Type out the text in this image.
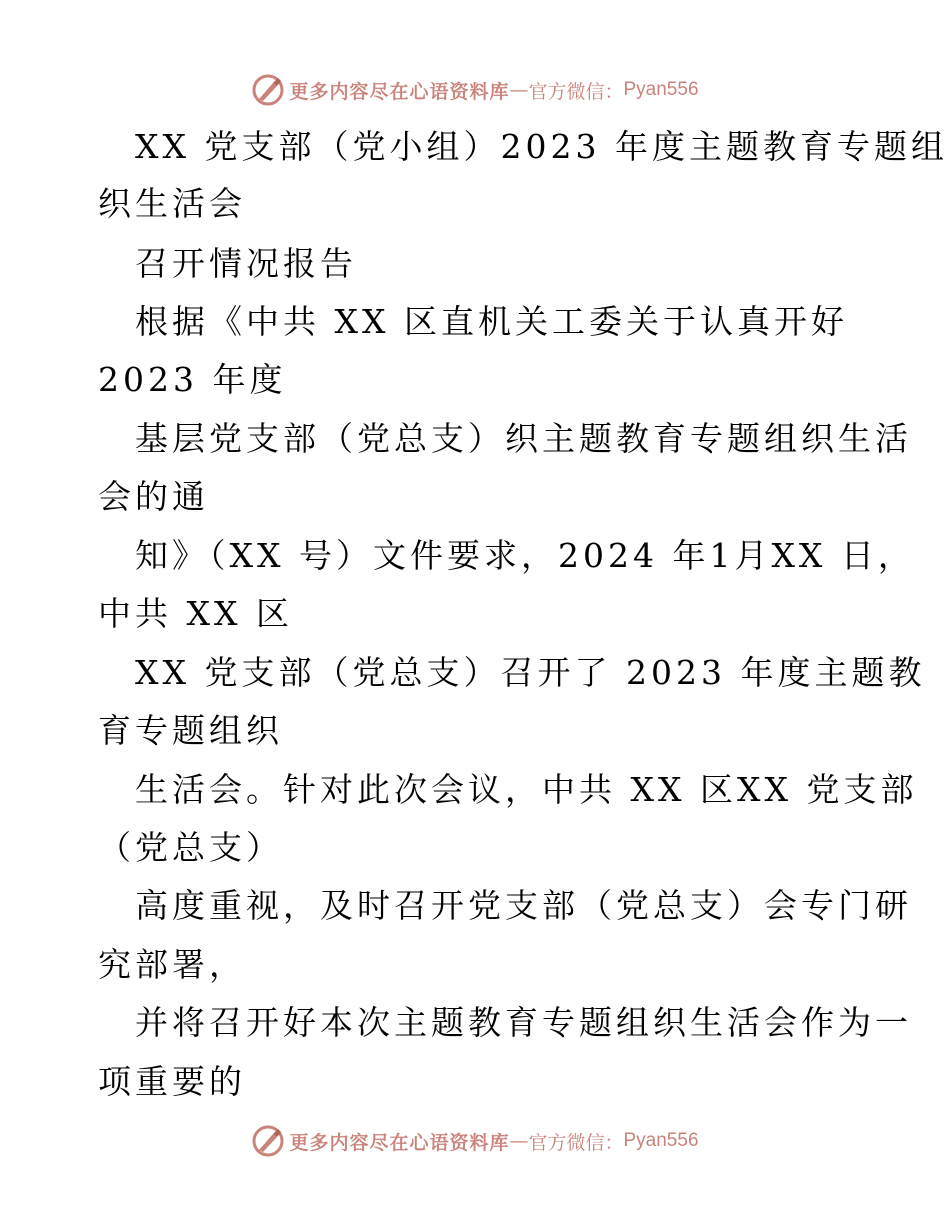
更多内容尽在心语资料库 — 官方微信： Pyan556
XX 党支部（党小组）2023 年度主题教育专题组
织生活会
召开情况报告
根据《中共 XX 区直机关工委关于认真开好
2023 年度
基层党支部（党总支）织主题教育专题组织生活
会的通
知》（XX 号）文件要求，2024 年1月XX 日，
中共 XX 区
XX 党支部（党总支）召开了 2023 年度主题教
育专题组织
生活会。针对此次会议，中共 XX 区XX 党支部
（党总支）
高度重视，及时召开党支部（党总支）会专门研
究部署，
并将召开好本次主题教育专题组织生活会作为一
项重要的
更多内容尽在心语资料库 — 官方微信： Pyan556
